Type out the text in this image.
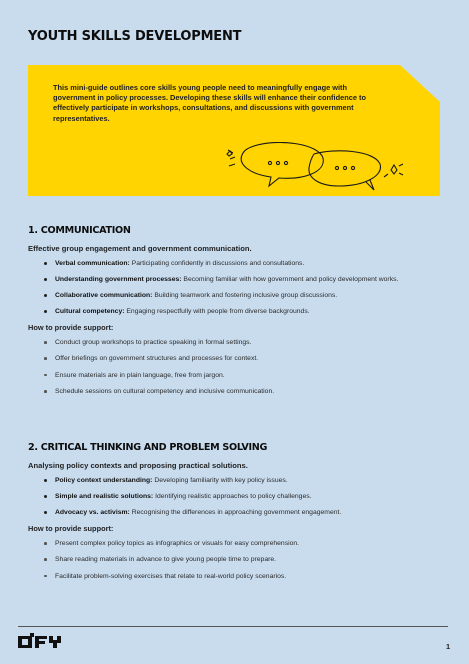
YOUTH SKILLS DEVELOPMENT
This mini-guide outlines core skills young people need to meaningfully engage with government in policy processes. Developing these skills will enhance their confidence to effectively participate in workshops, consultations, and discussions with government representatives.
1. COMMUNICATION
Effective group engagement and government communication.
Verbal communication: Participating confidently in discussions and consultations.
Understanding government processes: Becoming familiar with how government and policy development works.
Collaborative communication: Building teamwork and fostering inclusive group discussions.
Cultural competency: Engaging respectfully with people from diverse backgrounds.
How to provide support:
Conduct group workshops to practice speaking in formal settings.
Offer briefings on government structures and processes for context.
Ensure materials are in plain language, free from jargon.
Schedule sessions on cultural competency and inclusive communication.
2. CRITICAL THINKING AND PROBLEM SOLVING
Analysing policy contexts and proposing practical solutions.
Policy context understanding: Developing familiarity with key policy issues.
Simple and realistic solutions: Identifying realistic approaches to policy challenges.
Advocacy vs. activism: Recognising the differences in approaching government engagement.
How to provide support:
Present complex policy topics as infographics or visuals for easy comprehension.
Share reading materials in advance to give young people time to prepare.
Facilitate problem-solving exercises that relate to real-world policy scenarios.
1
